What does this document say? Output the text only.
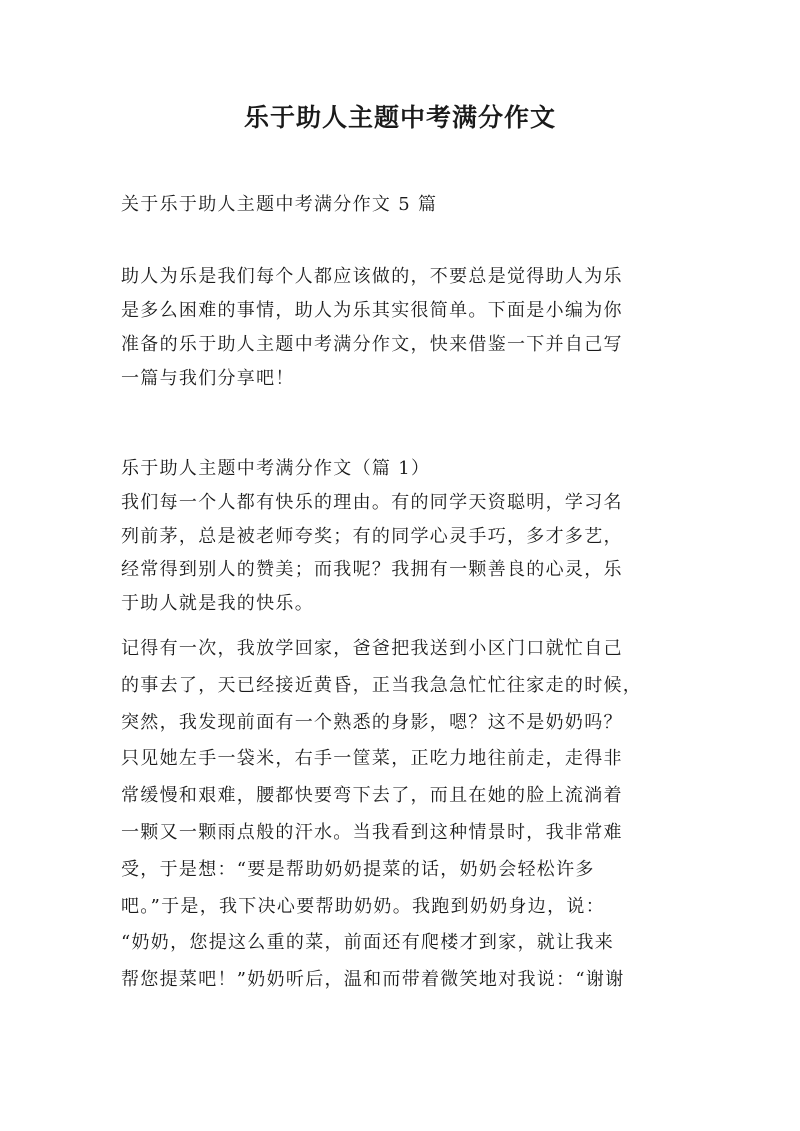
乐于助人主题中考满分作文
关于乐于助人主题中考满分作文 5 篇
助人为乐是我们每个人都应该做的，不要总是觉得助人为乐
是多么困难的事情，助人为乐其实很简单。下面是小编为你
准备的乐于助人主题中考满分作文，快来借鉴一下并自己写
一篇与我们分享吧！
乐于助人主题中考满分作文（篇 1）
我们每一个人都有快乐的理由。有的同学天资聪明，学习名
列前茅，总是被老师夸奖；有的同学心灵手巧，多才多艺，
经常得到别人的赞美；而我呢？我拥有一颗善良的心灵，乐
于助人就是我的快乐。
记得有一次，我放学回家，爸爸把我送到小区门口就忙自己
的事去了，天已经接近黄昏，正当我急急忙忙往家走的时候，
突然，我发现前面有一个熟悉的身影，嗯？这不是奶奶吗？
只见她左手一袋米，右手一筐菜，正吃力地往前走，走得非
常缓慢和艰难，腰都快要弯下去了，而且在她的脸上流淌着
一颗又一颗雨点般的汗水。当我看到这种情景时，我非常难
受，于是想：“要是帮助奶奶提菜的话，奶奶会轻松许多
吧。”于是，我下决心要帮助奶奶。我跑到奶奶身边，说：
“奶奶，您提这么重的菜，前面还有爬楼才到家，就让我来
帮您提菜吧！”奶奶听后，温和而带着微笑地对我说：“谢谢
